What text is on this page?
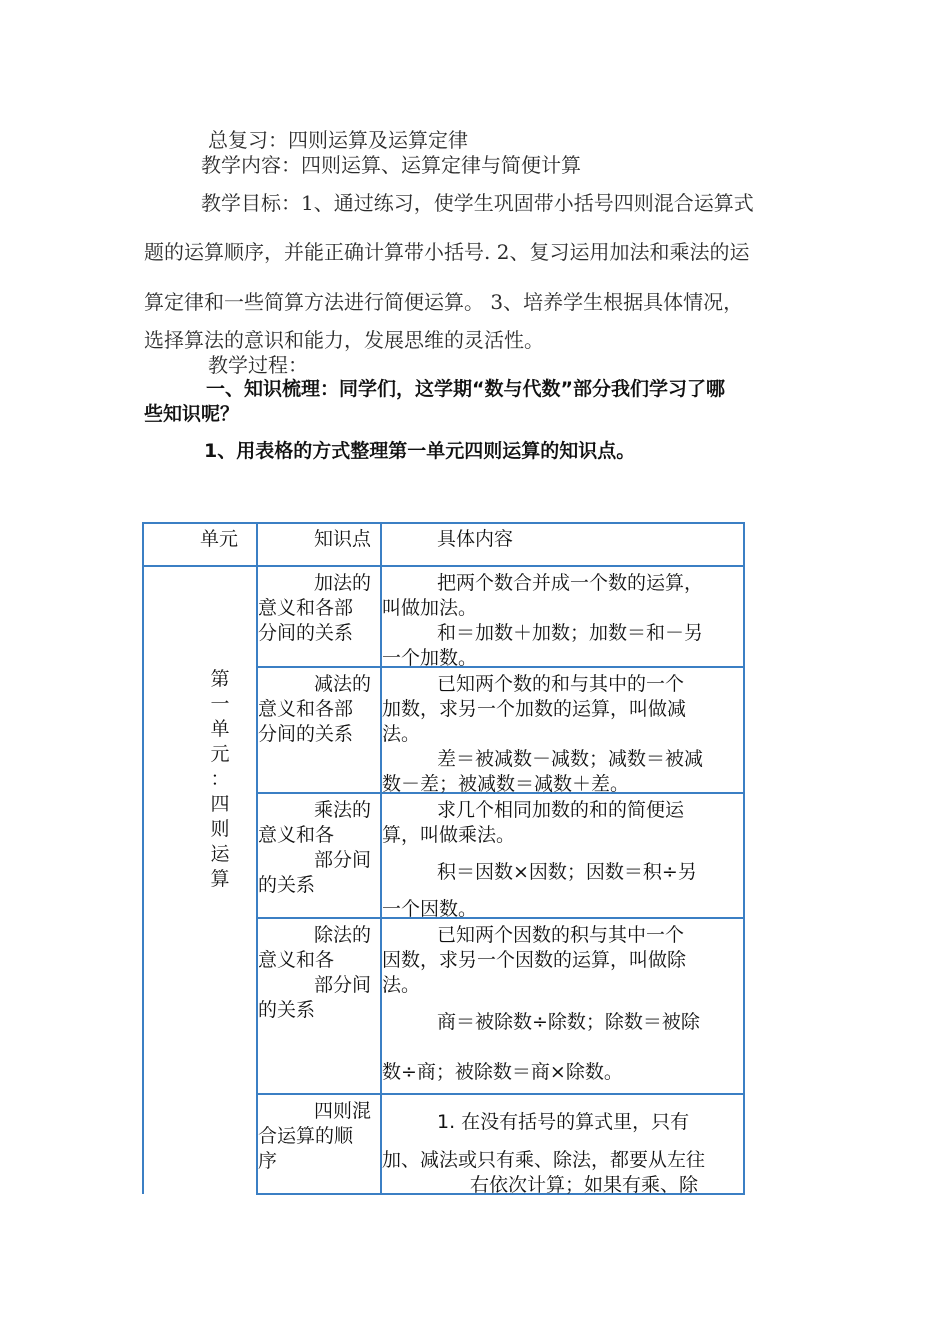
总复习：四则运算及运算定律
教学内容：四则运算、运算定律与简便计算
教学目标：1、通过练习，使学生巩固带小括号四则混合运算式
题的运算顺序，并能正确计算带小括号. 2、复习运用加法和乘法的运
算定律和一些简算方法进行简便运算。 3、培养学生根据具体情况，
选择算法的意识和能力，发展思维的灵活性。
教学过程：
一、知识梳理：同学们，这学期“数与代数”部分我们学习了哪
些知识呢？
1、用表格的方式整理第一单元四则运算的知识点。
单元	知识点	具体内容
第
一
单
元
：
四
则
运
算
加法的
意义和各部
分间的关系
把两个数合并成一个数的运算，
叫做加法。
和＝加数＋加数；加数＝和－另
一个加数。
减法的
意义和各部
分间的关系
已知两个数的和与其中的一个
加数，求另一个加数的运算，叫做减
法。
差＝被减数－减数；减数＝被减
数－差；被减数＝减数＋差。
乘法的
意义和各
部分间
的关系
求几个相同加数的和的简便运
算，叫做乘法。
积＝因数×因数；因数＝积÷另
一个因数。
除法的
意义和各
部分间
的关系
已知两个因数的积与其中一个
因数，求另一个因数的运算，叫做除
法。
商＝被除数÷除数；除数＝被除
数÷商；被除数＝商×除数。
四则混
合运算的顺
序
1. 在没有括号的算式里，只有
加、减法或只有乘、除法，都要从左往
右依次计算；如果有乘、除
